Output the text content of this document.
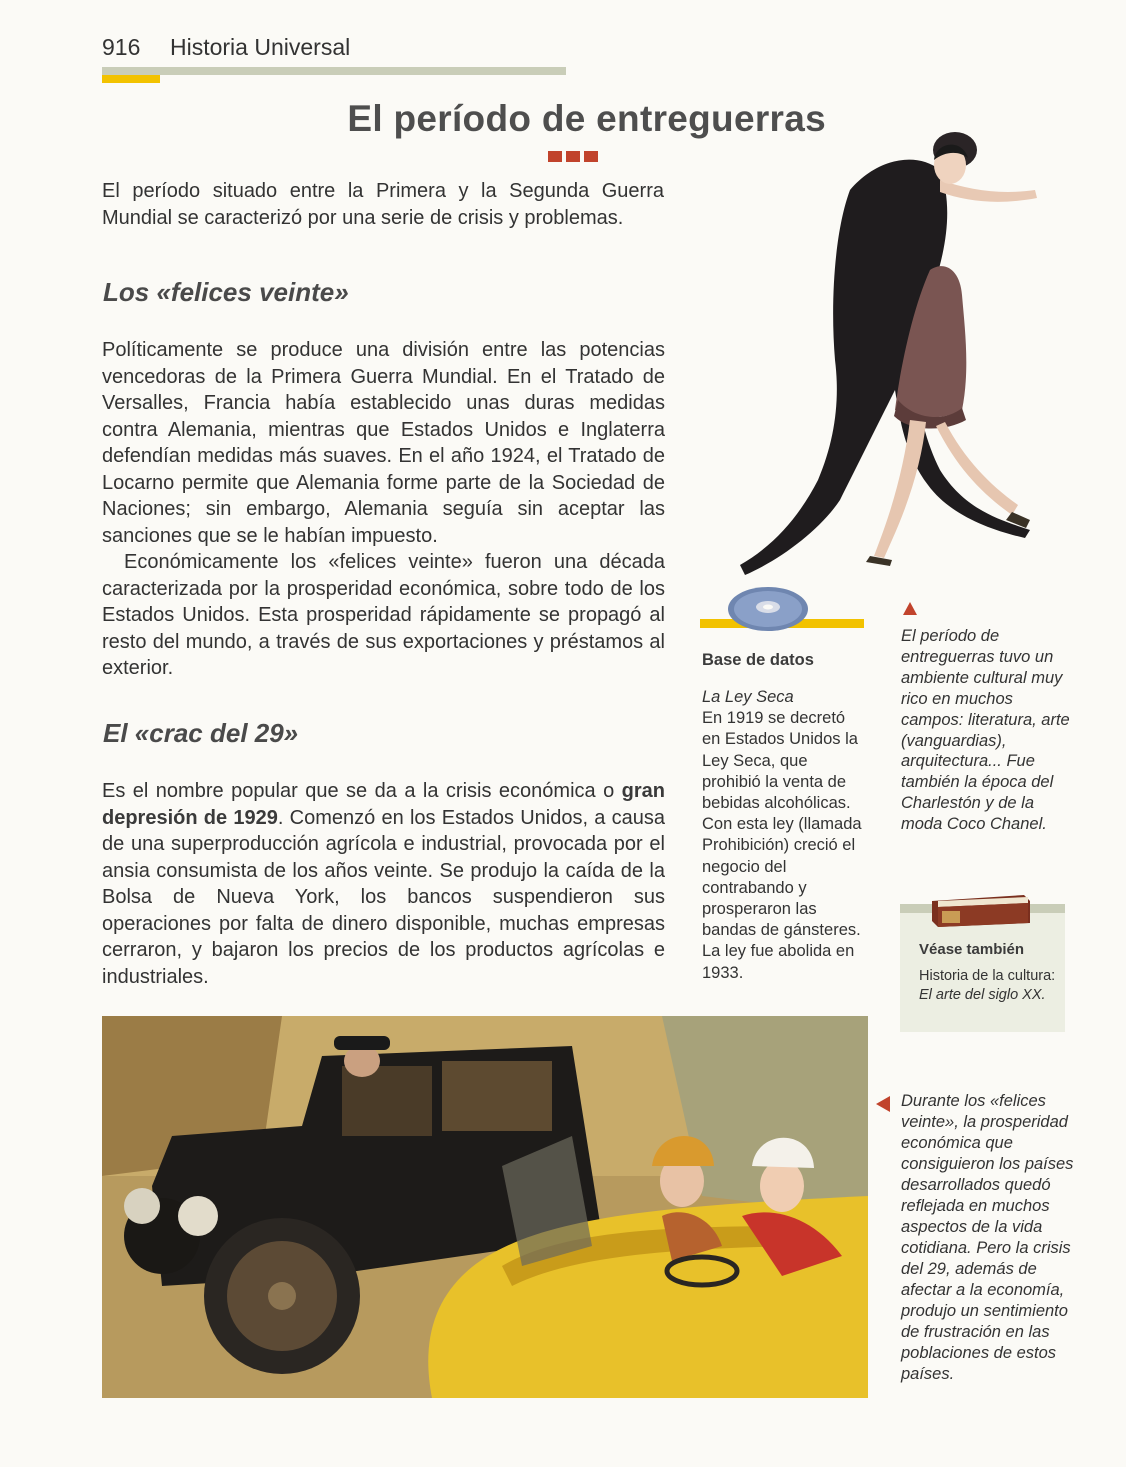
916 Historia Universal
El período de entreguerras
El período situado entre la Primera y la Segunda Guerra Mundial se caracterizó por una serie de crisis y problemas.
Los «felices veinte»

Políticamente se produce una división entre las potencias vencedoras de la Primera Guerra Mundial. En el Tratado de Versalles, Francia había establecido unas duras medidas contra Alemania, mientras que Estados Unidos e Inglaterra defendían medidas más suaves. En el año 1924, el Tratado de Locarno permite que Alemania forme parte de la Sociedad de Naciones; sin embargo, Alemania seguía sin aceptar las sanciones que se le habían impuesto.

Económicamente los «felices veinte» fueron una década caracterizada por la prosperidad económica, sobre todo de los Estados Unidos. Esta prosperidad rápidamente se propagó al resto del mundo, a través de sus exportaciones y préstamos al exterior.

El «crac del 29»

Es el nombre popular que se da a la crisis económica o gran depresión de 1929. Comenzó en los Estados Unidos, a causa de una superproducción agrícola e industrial, provocada por el ansia consumista de los años veinte. Se produjo la caída de la Bolsa de Nueva York, los bancos suspendieron sus operaciones por falta de dinero disponible, muchas empresas cerraron, y bajaron los precios de los productos agrícolas e industriales.

Base de datos
La Ley Seca
En 1919 se decretó en Estados Unidos la Ley Seca, que prohibió la venta de bebidas alcohólicas. Con esta ley (llamada Prohibición) creció el negocio del contrabando y prosperaron las bandas de gánsteres. La ley fue abolida en 1933.
El período de entreguerras tuvo un ambiente cultural muy rico en muchos campos: literatura, arte (vanguardias), arquitectura... Fue también la época del Charlestón y de la moda Coco Chanel.
Véase también
Historia de la cultura: El arte del siglo XX.
Durante los «felices veinte», la prosperidad económica que consiguieron los países desarrollados quedó reflejada en muchos aspectos de la vida cotidiana. Pero la crisis del 29, además de afectar a la economía, produjo un sentimiento de frustración en las poblaciones de estos países.
